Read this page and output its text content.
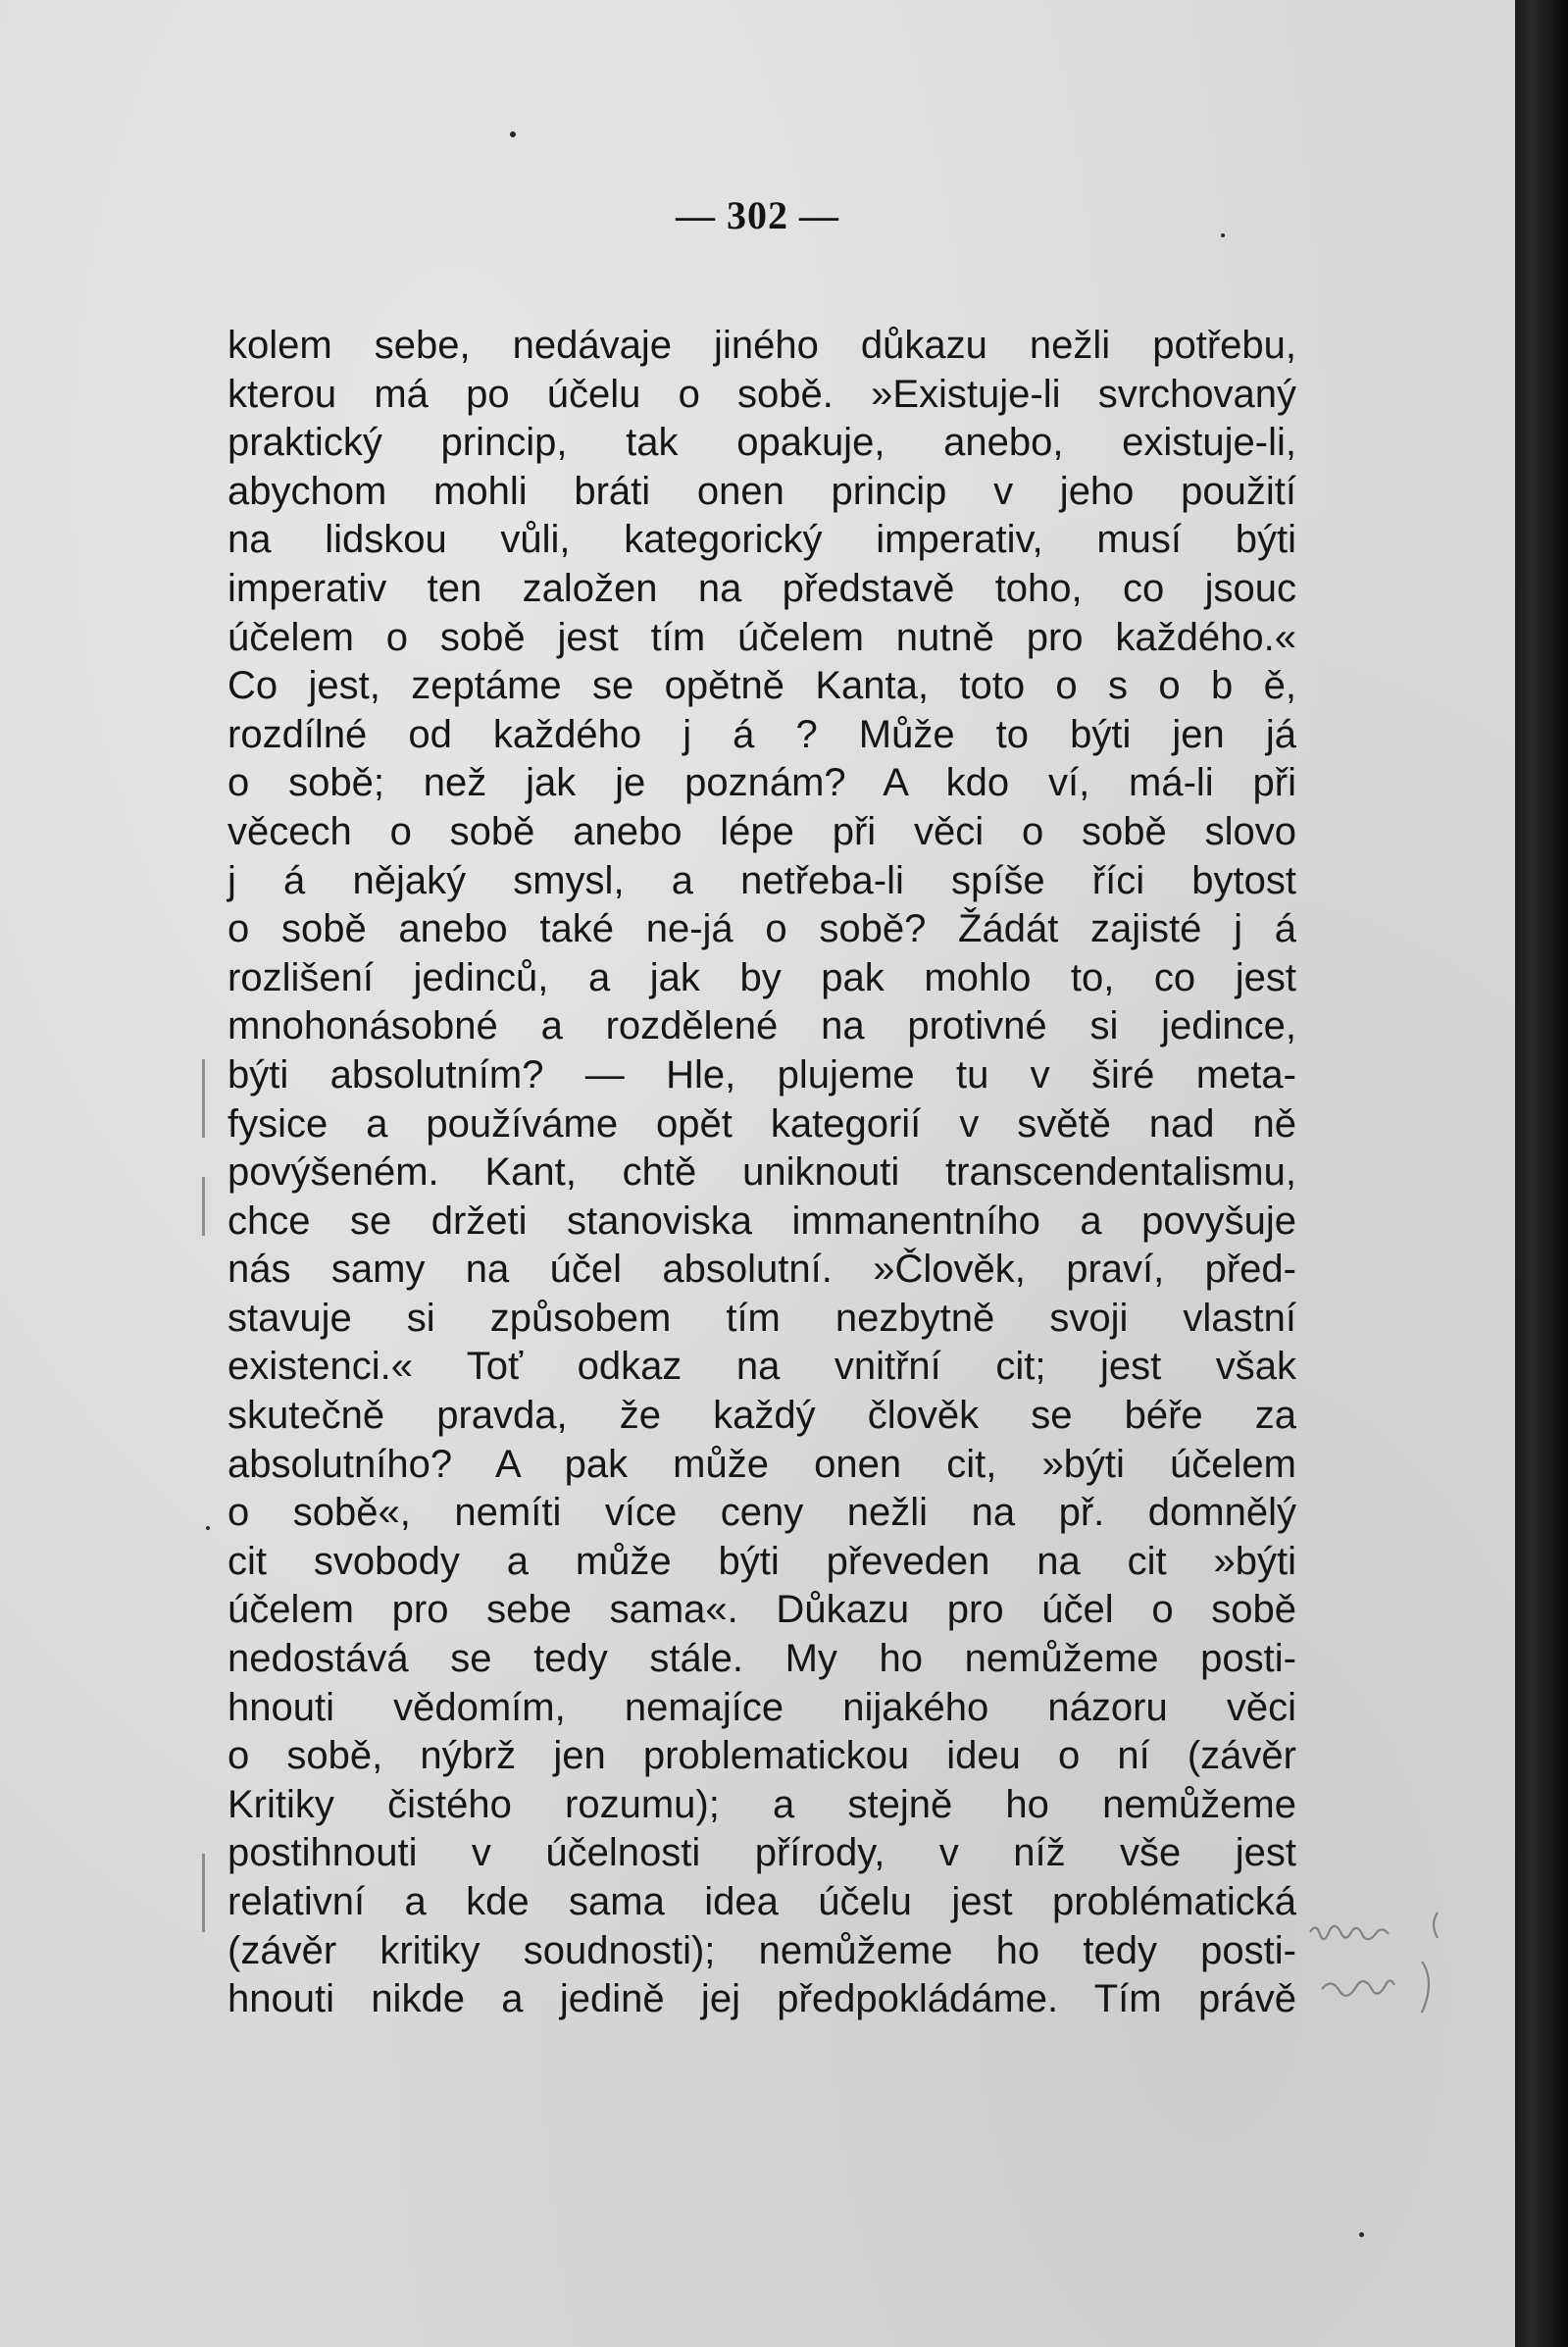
— 302 —
kolem sebe, nedávaje jiného důkazu nežli potřebu,
kterou má po účelu o sobě. »Existuje-li svrchovaný
praktický princip, tak opakuje, anebo, existuje-li,
abychom mohli bráti onen princip v jeho použití
na lidskou vůli, kategorický imperativ, musí býti
imperativ ten založen na představě toho, co jsouc
účelem o sobě jest tím účelem nutně pro každého.«
Co jest, zeptáme se opětně Kanta, toto o s o b ě,
rozdílné od každého j á ? Může to býti jen já
o sobě; než jak je poznám? A kdo ví, má-li při
věcech o sobě anebo lépe při věci o sobě slovo
j á nějaký smysl, a netřeba-li spíše říci bytost
o sobě anebo také ne-já o sobě? Žádát zajisté j á
rozlišení jedinců, a jak by pak mohlo to, co jest
mnohonásobné a rozdělené na protivné si jedince,
býti absolutním? — Hle, plujeme tu v širé meta-
fysice a používáme opět kategorií v světě nad ně
povýšeném. Kant, chtě uniknouti transcendentalismu,
chce se držeti stanoviska immanentního a povyšuje
nás samy na účel absolutní. »Člověk, praví, před-
stavuje si způsobem tím nezbytně svoji vlastní
existenci.« Toť odkaz na vnitřní cit; jest však
skutečně pravda, že každý člověk se béře za
absolutního? A pak může onen cit, »býti účelem
o sobě«, nemíti více ceny nežli na př. domnělý
cit svobody a může býti převeden na cit »býti
účelem pro sebe sama«. Důkazu pro účel o sobě
nedostává se tedy stále. My ho nemůžeme posti-
hnouti vědomím, nemajíce nijakého názoru věci
o sobě, nýbrž jen problematickou ideu o ní (závěr
Kritiky čistého rozumu); a stejně ho nemůžeme
postihnouti v účelnosti přírody, v níž vše jest
relativní a kde sama idea účelu jest problématická
(závěr kritiky soudnosti); nemůžeme ho tedy posti-
hnouti nikde a jedině jej předpokládáme. Tím právě
